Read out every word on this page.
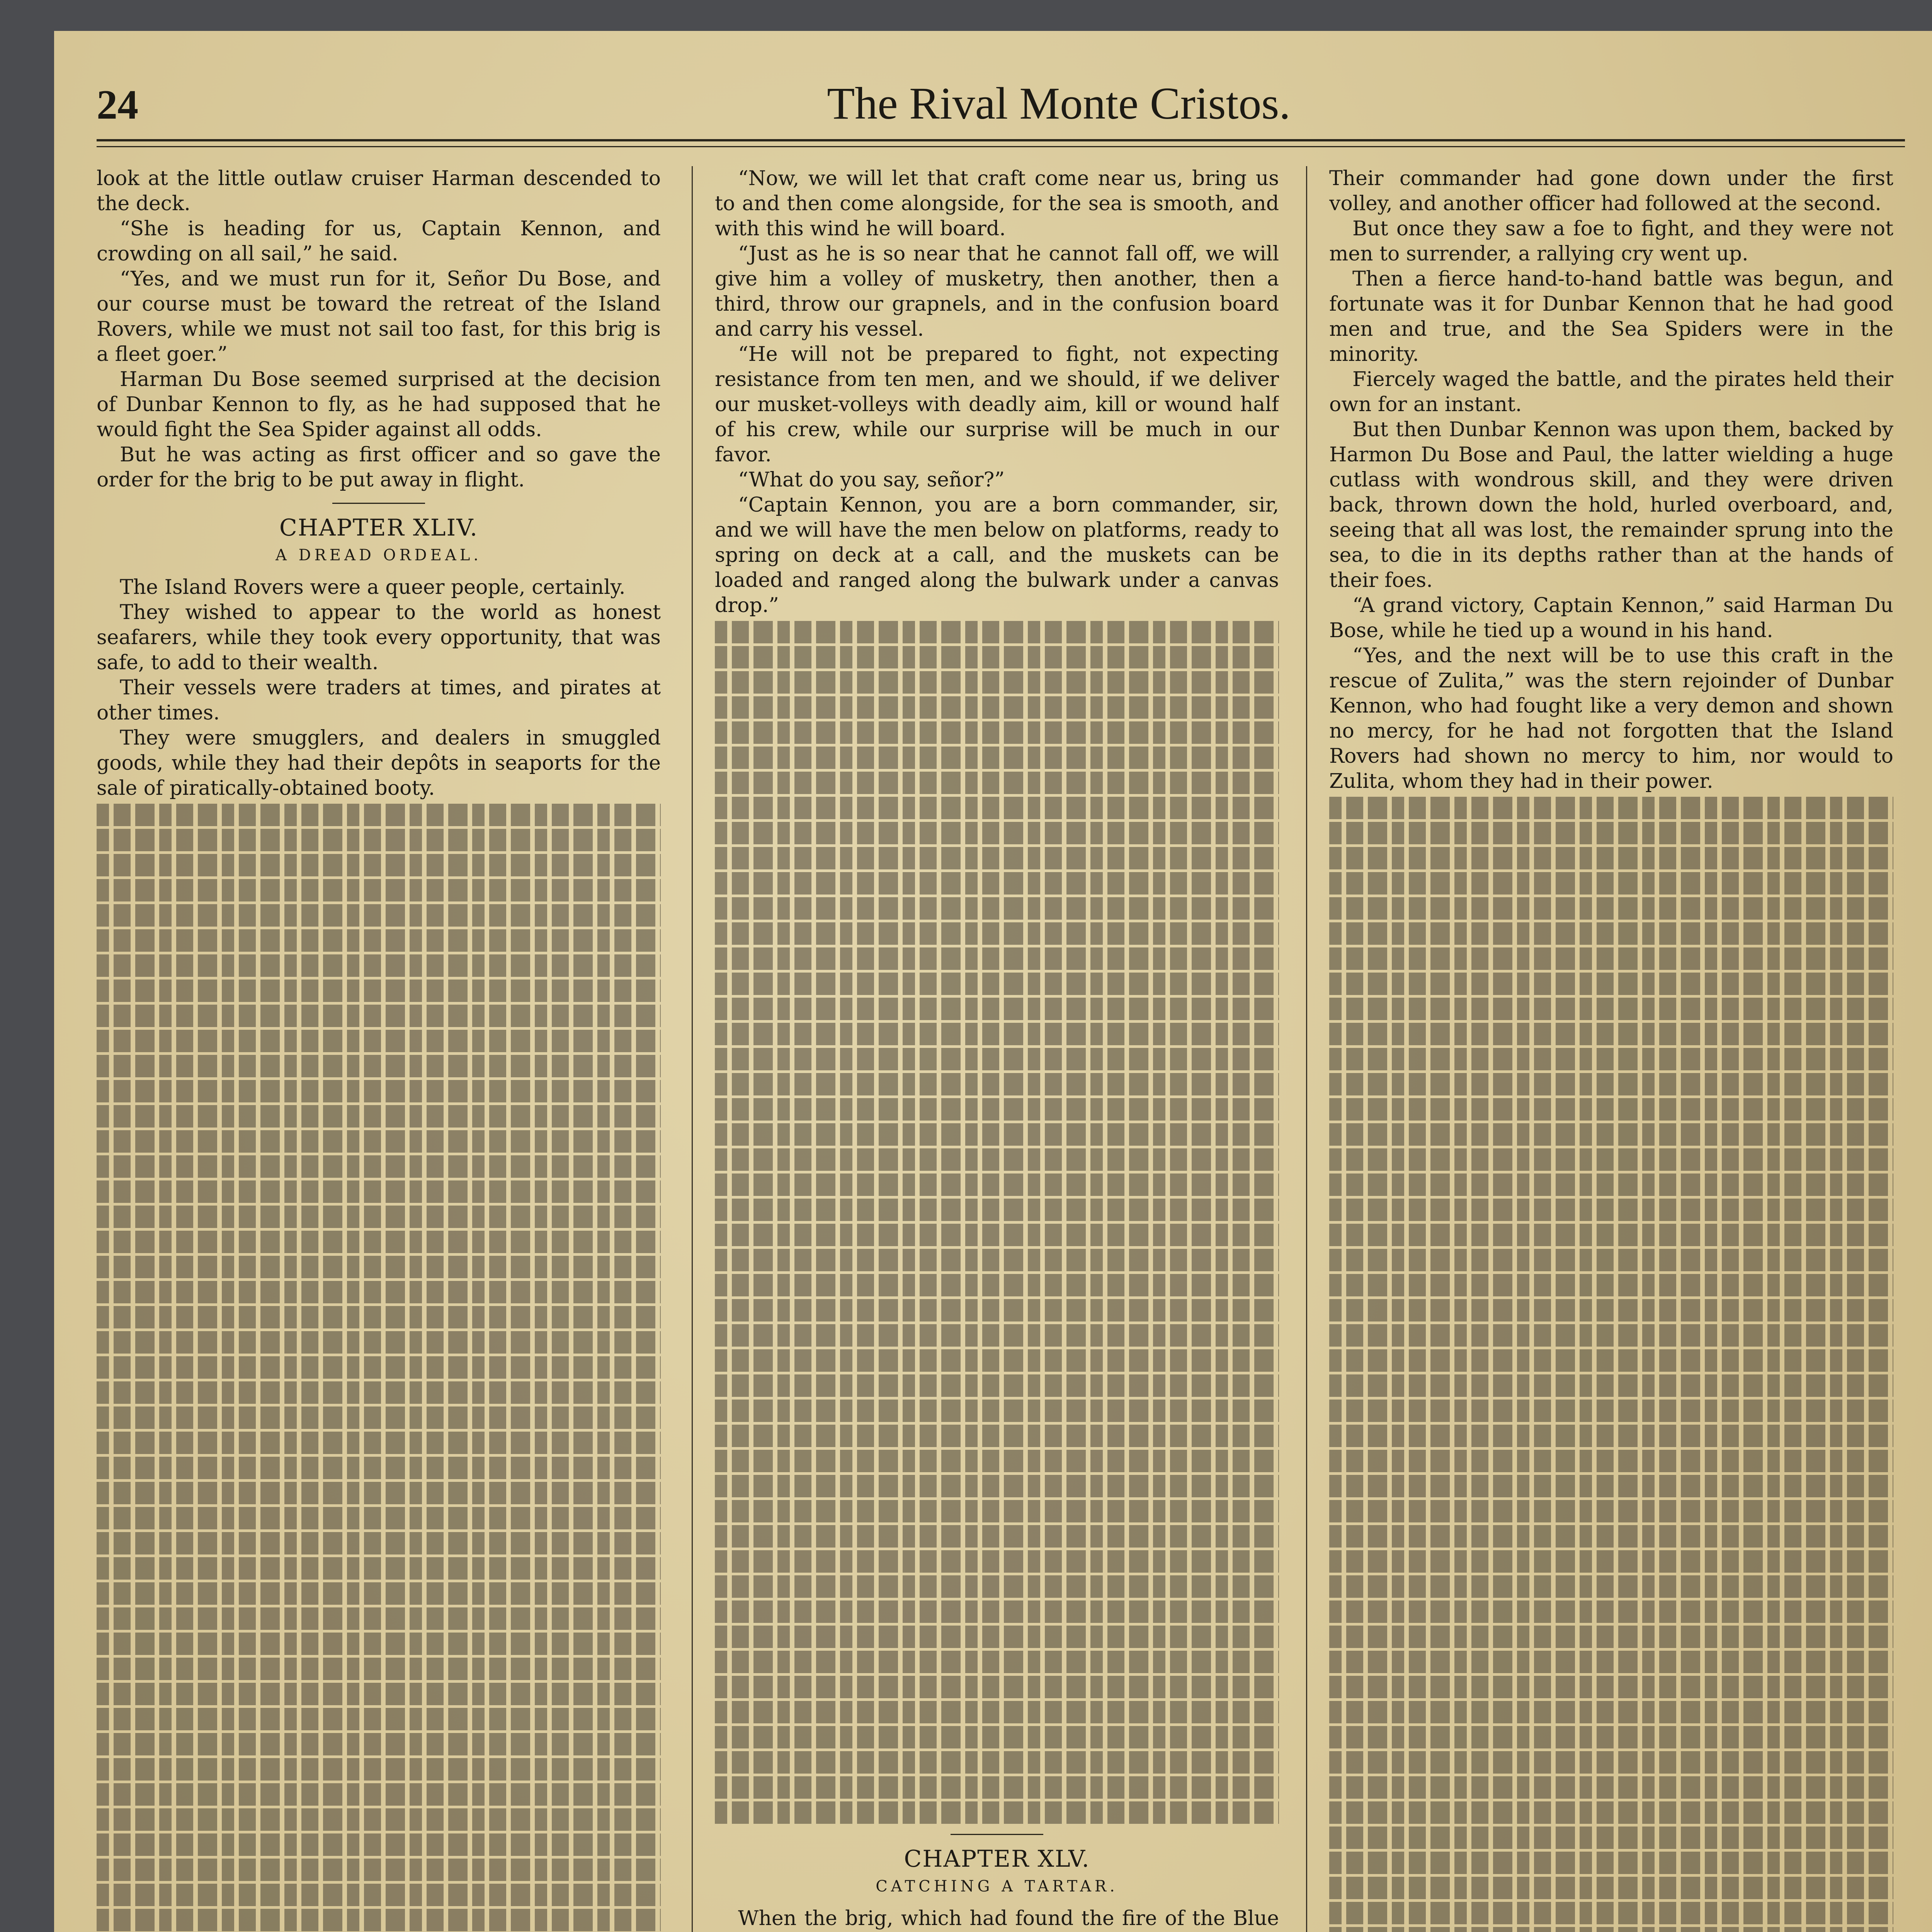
24	The Rival Monte Cristos.

look at the little outlaw cruiser Harman descended to the deck.

“She is heading for us, Captain Kennon, and crowding on all sail,” he said.

“Yes, and we must run for it, Señor Du Bose, and our course must be toward the retreat of the Island Rovers, while we must not sail too fast, for this brig is a fleet goer.”

Harman Du Bose seemed surprised at the decision of Dunbar Kennon to fly, as he had supposed that he would fight the Sea Spider against all odds.

But he was acting as first officer and so gave the order for the brig to be put away in flight.

CHAPTER XLIV.

A DREAD ORDEAL.

The Island Rovers were a queer people, certainly.

They wished to appear to the world as honest seafarers, while they took every opportunity, that was safe, to add to their wealth.

Their vessels were traders at times, and pirates at other times.

They were smugglers, and dealers in smuggled goods, while they had their depôts in seaports for the sale of piratically-obtained booty.

“Now, we will let that craft come near us, bring us to and then come alongside, for the sea is smooth, and with this wind he will board.

“Just as he is so near that he cannot fall off, we will give him a volley of musketry, then another, then a third, throw our grapnels, and in the confusion board and carry his vessel.

“He will not be prepared to fight, not expecting resistance from ten men, and we should, if we deliver our musket-volleys with deadly aim, kill or wound half of his crew, while our surprise will be much in our favor.

“What do you say, señor?”

“Captain Kennon, you are a born commander, sir, and we will have the men below on platforms, ready to spring on deck at a call, and the muskets can be loaded and ranged along the bulwark under a canvas drop.”

CHAPTER XLV.

CATCHING A TARTAR.

When the brig, which had found the fire of the Blue

Their commander had gone down under the first volley, and another officer had followed at the second.

But once they saw a foe to fight, and they were not men to surrender, a rallying cry went up.

Then a fierce hand-to-hand battle was begun, and fortunate was it for Dunbar Kennon that he had good men and true, and the Sea Spiders were in the minority.

Fiercely waged the battle, and the pirates held their own for an instant.

But then Dunbar Kennon was upon them, backed by Harmon Du Bose and Paul, the latter wielding a huge cutlass with wondrous skill, and they were driven back, thrown down the hold, hurled overboard, and, seeing that all was lost, the remainder sprung into the sea, to die in its depths rather than at the hands of their foes.

“A grand victory, Captain Kennon,” said Harman Du Bose, while he tied up a wound in his hand.

“Yes, and the next will be to use this craft in the rescue of Zulita,” was the stern rejoinder of Dunbar Kennon, who had fought like a very demon and shown no mercy, for he had not forgotten that the Island Rovers had shown no mercy to him, nor would to Zulita, whom they had in their power.
